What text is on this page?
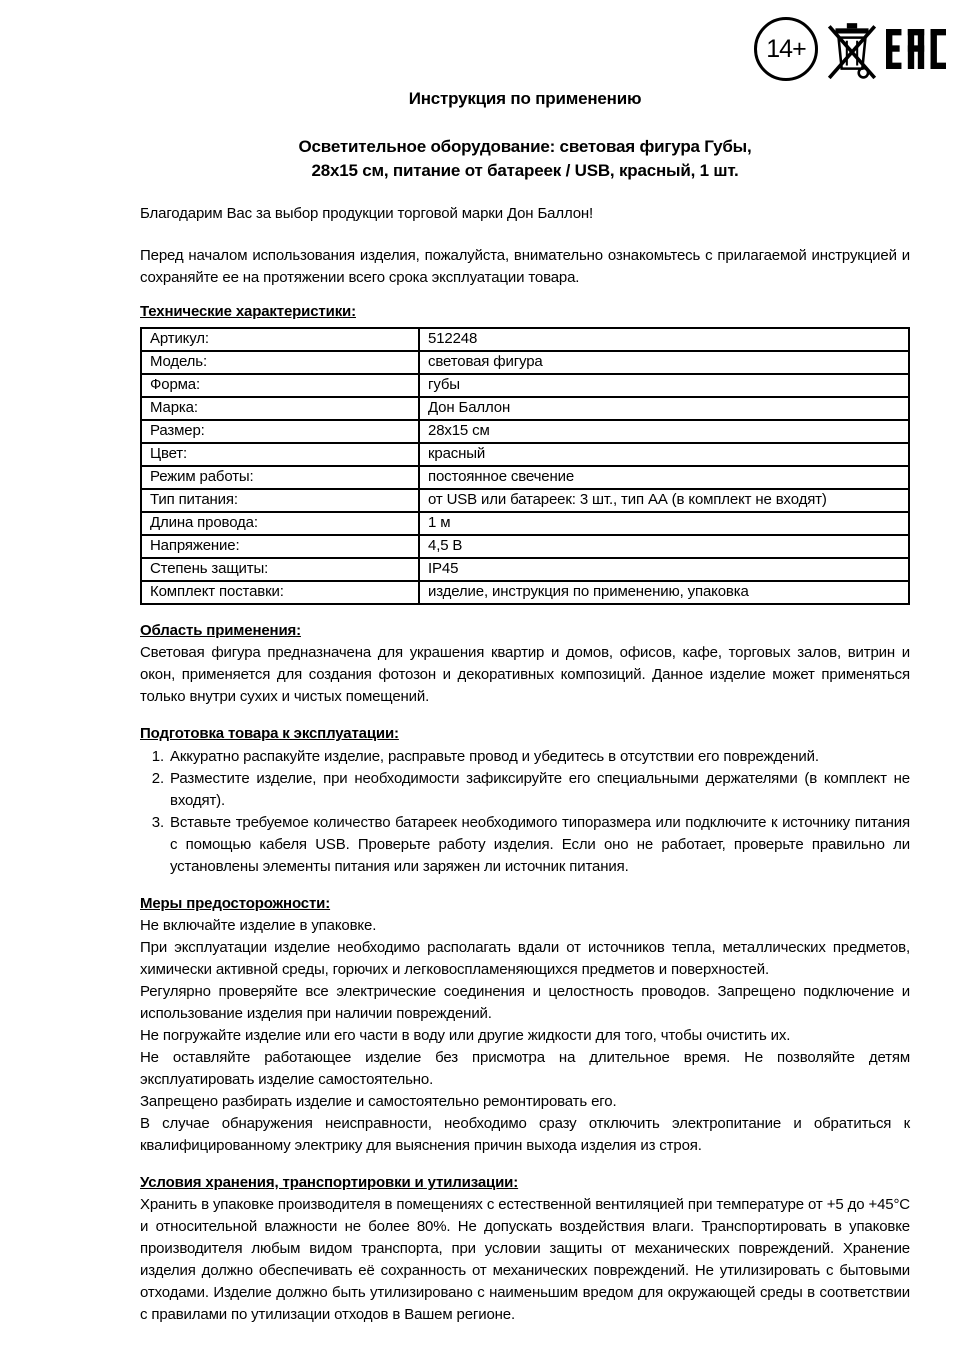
14+
Инструкция по применению
Осветительное оборудование: световая фигура Губы,
28х15 см, питание от батареек / USB, красный, 1 шт.

Благодарим Вас за выбор продукции торговой марки Дон Баллон!

Перед началом использования изделия, пожалуйста, внимательно ознакомьтесь с прилагаемой инструкцией и сохраняйте ее на протяжении всего срока эксплуатации товара.

Технические характеристики:
Артикул:	512248
Модель:	световая фигура
Форма:	губы
Марка:	Дон Баллон
Размер:	28х15 см
Цвет:	красный
Режим работы:	постоянное свечение
Тип питания:	от USB или батареек: 3 шт., тип АА (в комплект не входят)
Длина провода:	1 м
Напряжение:	4,5 В
Степень защиты:	IP45
Комплект поставки:	изделие, инструкция по применению, упаковка
Область применения:

Световая фигура предназначена для украшения квартир и домов, офисов, кафе, торговых залов, витрин и окон, применяется для создания фотозон и декоративных композиций. Данное изделие может применяться только внутри сухих и чистых помещений.

Подготовка товара к эксплуатации:
1. Аккуратно распакуйте изделие, расправьте провод и убедитесь в отсутствии его повреждений.
2. Разместите изделие, при необходимости зафиксируйте его специальными держателями (в комплект не входят).
3. Вставьте требуемое количество батареек необходимого типоразмера или подключите к источнику питания с помощью кабеля USB. Проверьте работу изделия. Если оно не работает, проверьте правильно ли установлены элементы питания или заряжен ли источник питания.
Меры предосторожности:

Не включайте изделие в упаковке.

При эксплуатации изделие необходимо располагать вдали от источников тепла, металлических предметов, химически активной среды, горючих и легковоспламеняющихся предметов и поверхностей.

Регулярно проверяйте все электрические соединения и целостность проводов. Запрещено подключение и использование изделия при наличии повреждений.

Не погружайте изделие или его части в воду или другие жидкости для того, чтобы очистить их.

Не оставляйте работающее изделие без присмотра на длительное время. Не позволяйте детям эксплуатировать изделие самостоятельно.

Запрещено разбирать изделие и самостоятельно ремонтировать его.

В случае обнаружения неисправности, необходимо сразу отключить электропитание и обратиться к квалифицированному электрику для выяснения причин выхода изделия из строя.

Условия хранения, транспортировки и утилизации:

Хранить в упаковке производителя в помещениях с естественной вентиляцией при температуре от +5 до +45°С и относительной влажности не более 80%. Не допускать воздействия влаги. Транспортировать в упаковке производителя любым видом транспорта, при условии защиты от механических повреждений. Хранение изделия должно обеспечивать её сохранность от механических повреждений. Не утилизировать с бытовыми отходами. Изделие должно быть утилизировано с наименьшим вредом для окружающей среды в соответствии с правилами по утилизации отходов в Вашем регионе.
